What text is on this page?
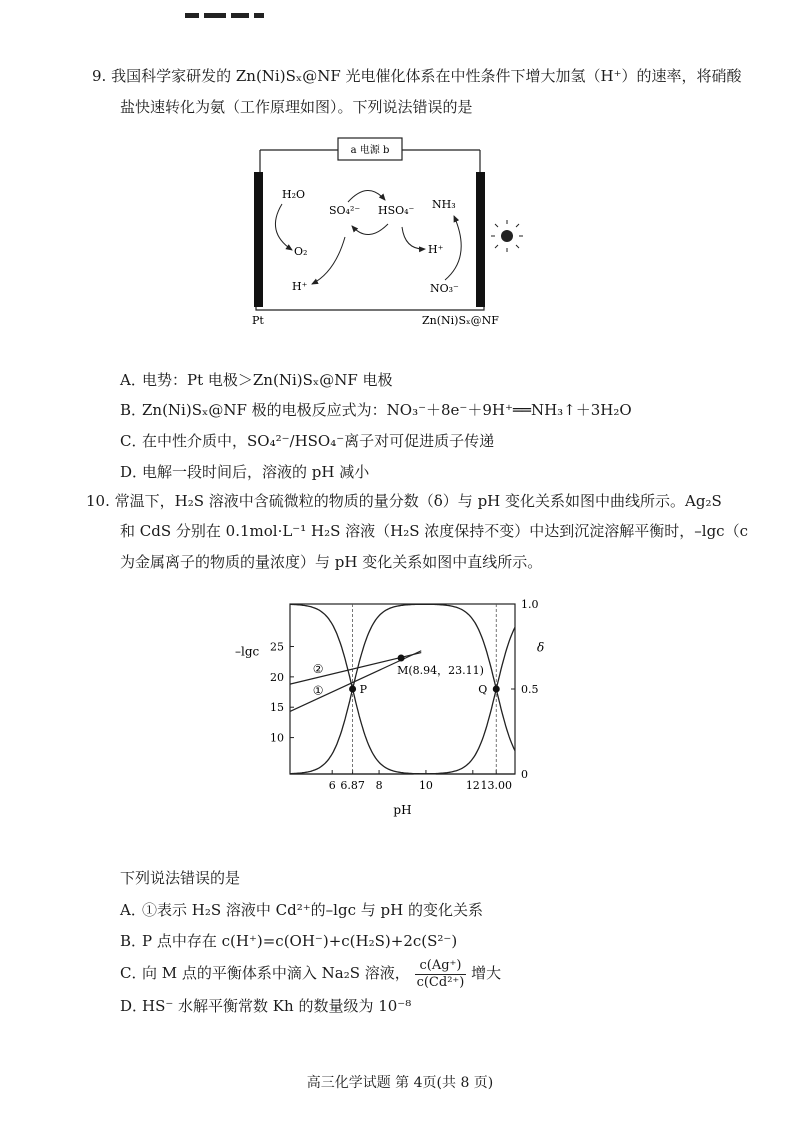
9. 我国科学家研发的 Zn(Ni)Sₓ@NF 光电催化体系在中性条件下增大加氢（H⁺）的速率，将硝酸
盐快速转化为氨（工作原理如图）。下列说法错误的是
a 电源 b
H₂O
O₂
H⁺
SO₄²⁻ HSO₄⁻ NH₃
H⁺
NO₃⁻
Pt	Zn(Ni)Sₓ@NF
A．电势：Pt 电极＞Zn(Ni)Sₓ@NF 电极
B．Zn(Ni)Sₓ@NF 极的电极反应式为：NO₃⁻＋8e⁻＋9H⁺══NH₃↑＋3H₂O
C．在中性介质中，SO₄²⁻/HSO₄⁻离子对可促进质子传递
D．电解一段时间后，溶液的 pH 减小
10. 常温下，H₂S 溶液中含硫微粒的物质的量分数（δ）与 pH 变化关系如图中曲线所示。Ag₂S
和 CdS 分别在 0.1mol·L⁻¹ H₂S 溶液（H₂S 浓度保持不变）中达到沉淀溶解平衡时，–lgc（c
为金属离子的物质的量浓度）与 pH 变化关系如图中直线所示。
10
15
20
25
0
0.5
1.0
6 6.87 8	10	12 13.00
pH
–lgc	δ
②
①	P
M(8.94，23.11)
Q
下列说法错误的是
A．①表示 H₂S 溶液中 Cd²⁺的–lgc 与 pH 的变化关系
B．P 点中存在 c(H⁺)=c(OH⁻)+c(H₂S)+2c(S²⁻)
C．向 M 点的平衡体系中滴入 Na₂S 溶液， $\frac{c(Ag^+)}{\text{c(Cd²⁺)}}$ 增大
D．HS⁻ 水解平衡常数 Kh 的数量级为 10⁻⁸
高三化学试题 第 4页(共 8 页)
